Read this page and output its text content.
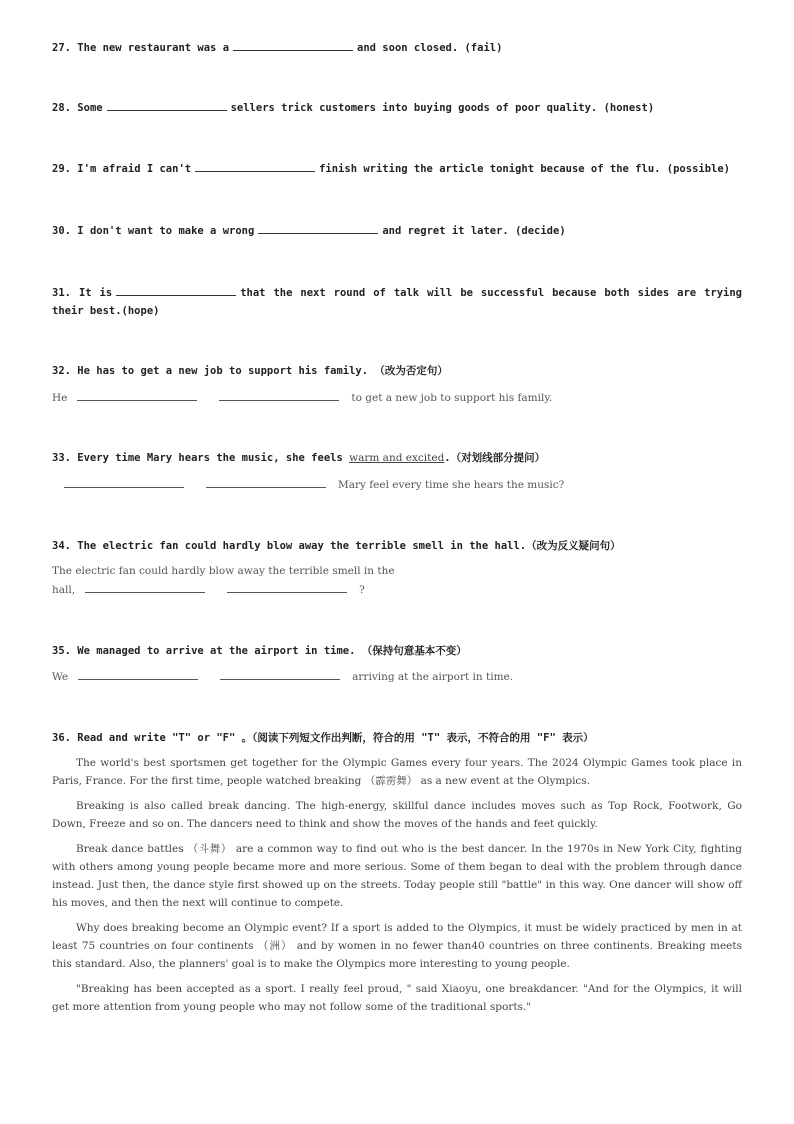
27. The new restaurant was a	and soon closed. (fail)
28. Some	sellers trick customers into buying goods of poor quality. (honest)
29. I'm afraid I can't	finish writing the article tonight because of the flu. (possible)
30. I don't want to make a wrong	and regret it later. (decide)
31. It is	that the next round of talk will be successful because both sides are trying their best.(hope)
32. He has to get a new job to support his family. （改为否定句）
He	to get a new job to support his family.
33. Every time Mary hears the music, she feels warm and excited.（对划线部分提问）
Mary feel every time she hears the music?
34. The electric fan could hardly blow away the terrible smell in the hall.（改为反义疑问句）
The electric fan could hardly blow away the terrible smell in the
hall,	?
35. We managed to arrive at the airport in time. （保持句意基本不变）
We	arriving at the airport in time.
36. Read and write "T" or "F" 。（阅读下列短文作出判断，符合的用 "T" 表示，不符合的用 "F" 表示）

The world's best sportsmen get together for the Olympic Games every four years. The 2024 Olympic Games took place in Paris, France. For the first time, people watched breaking （霹雳舞） as a new event at the Olympics.

Breaking is also called break dancing. The high-energy, skillful dance includes moves such as Top Rock, Footwork, Go Down, Freeze and so on. The dancers need to think and show the moves of the hands and feet quickly.

Break dance battles （斗舞） are a common way to find out who is the best dancer. In the 1970s in New York City, fighting with others among young people became more and more serious. Some of them began to deal with the problem through dance instead. Just then, the dance style first showed up on the streets. Today people still "battle" in this way. One dancer will show off his moves, and then the next will continue to compete.

Why does breaking become an Olympic event? If a sport is added to the Olympics, it must be widely practiced by men in at least 75 countries on four continents （洲） and by women in no fewer than40 countries on three continents. Breaking meets this standard. Also, the planners' goal is to make the Olympics more interesting to young people.

"Breaking has been accepted as a sport. I really feel proud, " said Xiaoyu, one breakdancer. "And for the Olympics, it will get more attention from young people who may not follow some of the traditional sports."
